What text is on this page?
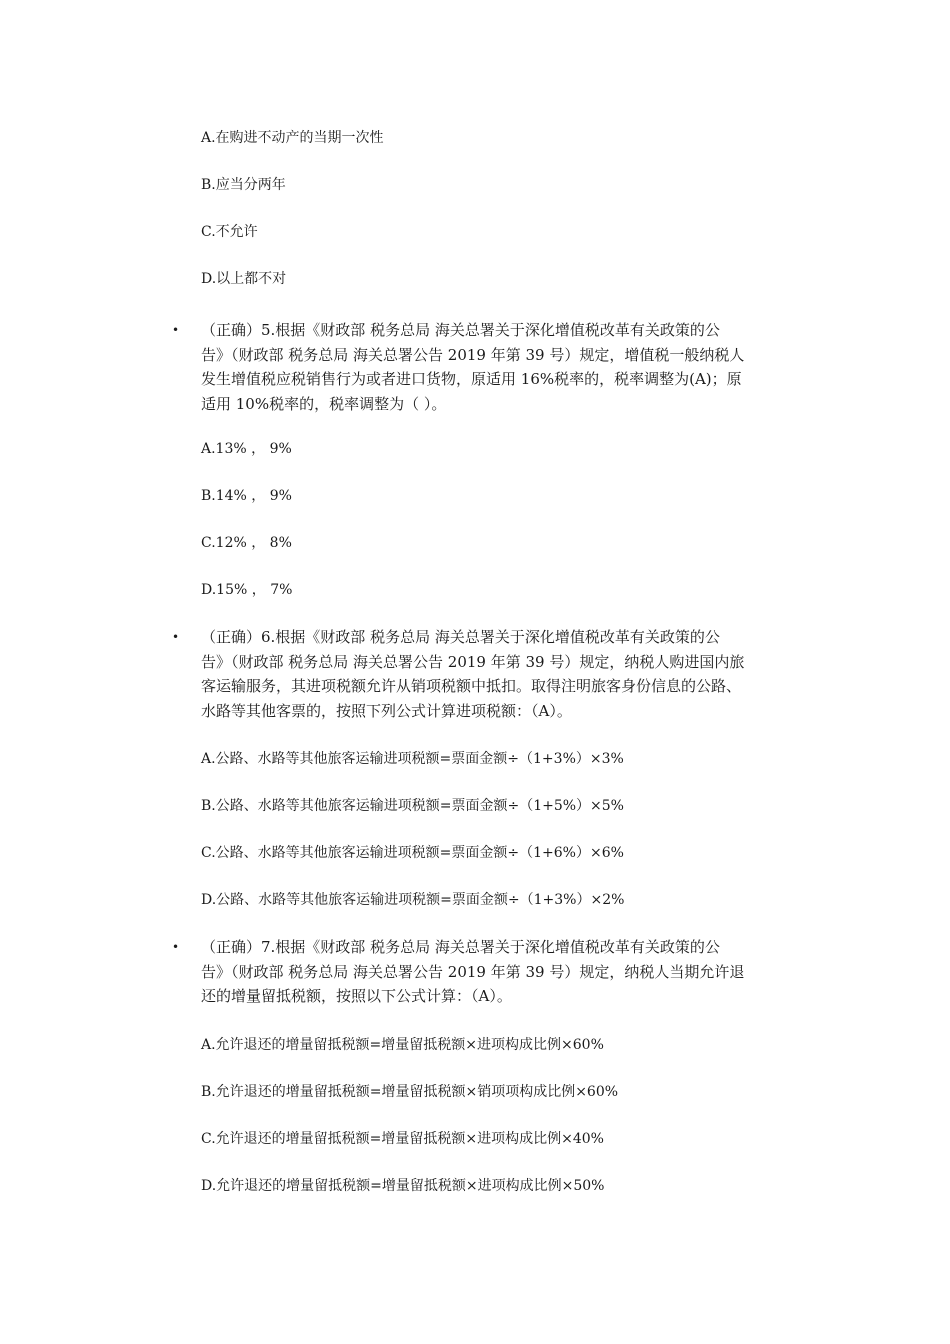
A.在购进不动产的当期一次性
B.应当分两年
C.不允许
D.以上都不对
• （正确）5.根据《财政部 税务总局 海关总署关于深化增值税改革有关政策的公
告》（财政部 税务总局 海关总署公告 2019 年第 39 号）规定，增值税一般纳税人
发生增值税应税销售行为或者进口货物，原适用 16%税率的，税率调整为(A)；原
适用 10%税率的，税率调整为（ ）。
A.13% ， 9%
B.14% ， 9%
C.12% ， 8%
D.15% ， 7%
• （正确）6.根据《财政部 税务总局 海关总署关于深化增值税改革有关政策的公
告》（财政部 税务总局 海关总署公告 2019 年第 39 号）规定，纳税人购进国内旅
客运输服务，其进项税额允许从销项税额中抵扣。取得注明旅客身份信息的公路、
水路等其他客票的，按照下列公式计算进项税额：（A）。
A.公路、水路等其他旅客运输进项税额=票面金额÷（1+3%）×3%
B.公路、水路等其他旅客运输进项税额=票面金额÷（1+5%）×5%
C.公路、水路等其他旅客运输进项税额=票面金额÷（1+6%）×6%
D.公路、水路等其他旅客运输进项税额=票面金额÷（1+3%）×2%
• （正确）7.根据《财政部 税务总局 海关总署关于深化增值税改革有关政策的公
告》（财政部 税务总局 海关总署公告 2019 年第 39 号）规定，纳税人当期允许退
还的增量留抵税额，按照以下公式计算：（A）。
A.允许退还的增量留抵税额=增量留抵税额×进项构成比例×60%
B.允许退还的增量留抵税额=增量留抵税额×销项项构成比例×60%
C.允许退还的增量留抵税额=增量留抵税额×进项构成比例×40%
D.允许退还的增量留抵税额=增量留抵税额×进项构成比例×50%
